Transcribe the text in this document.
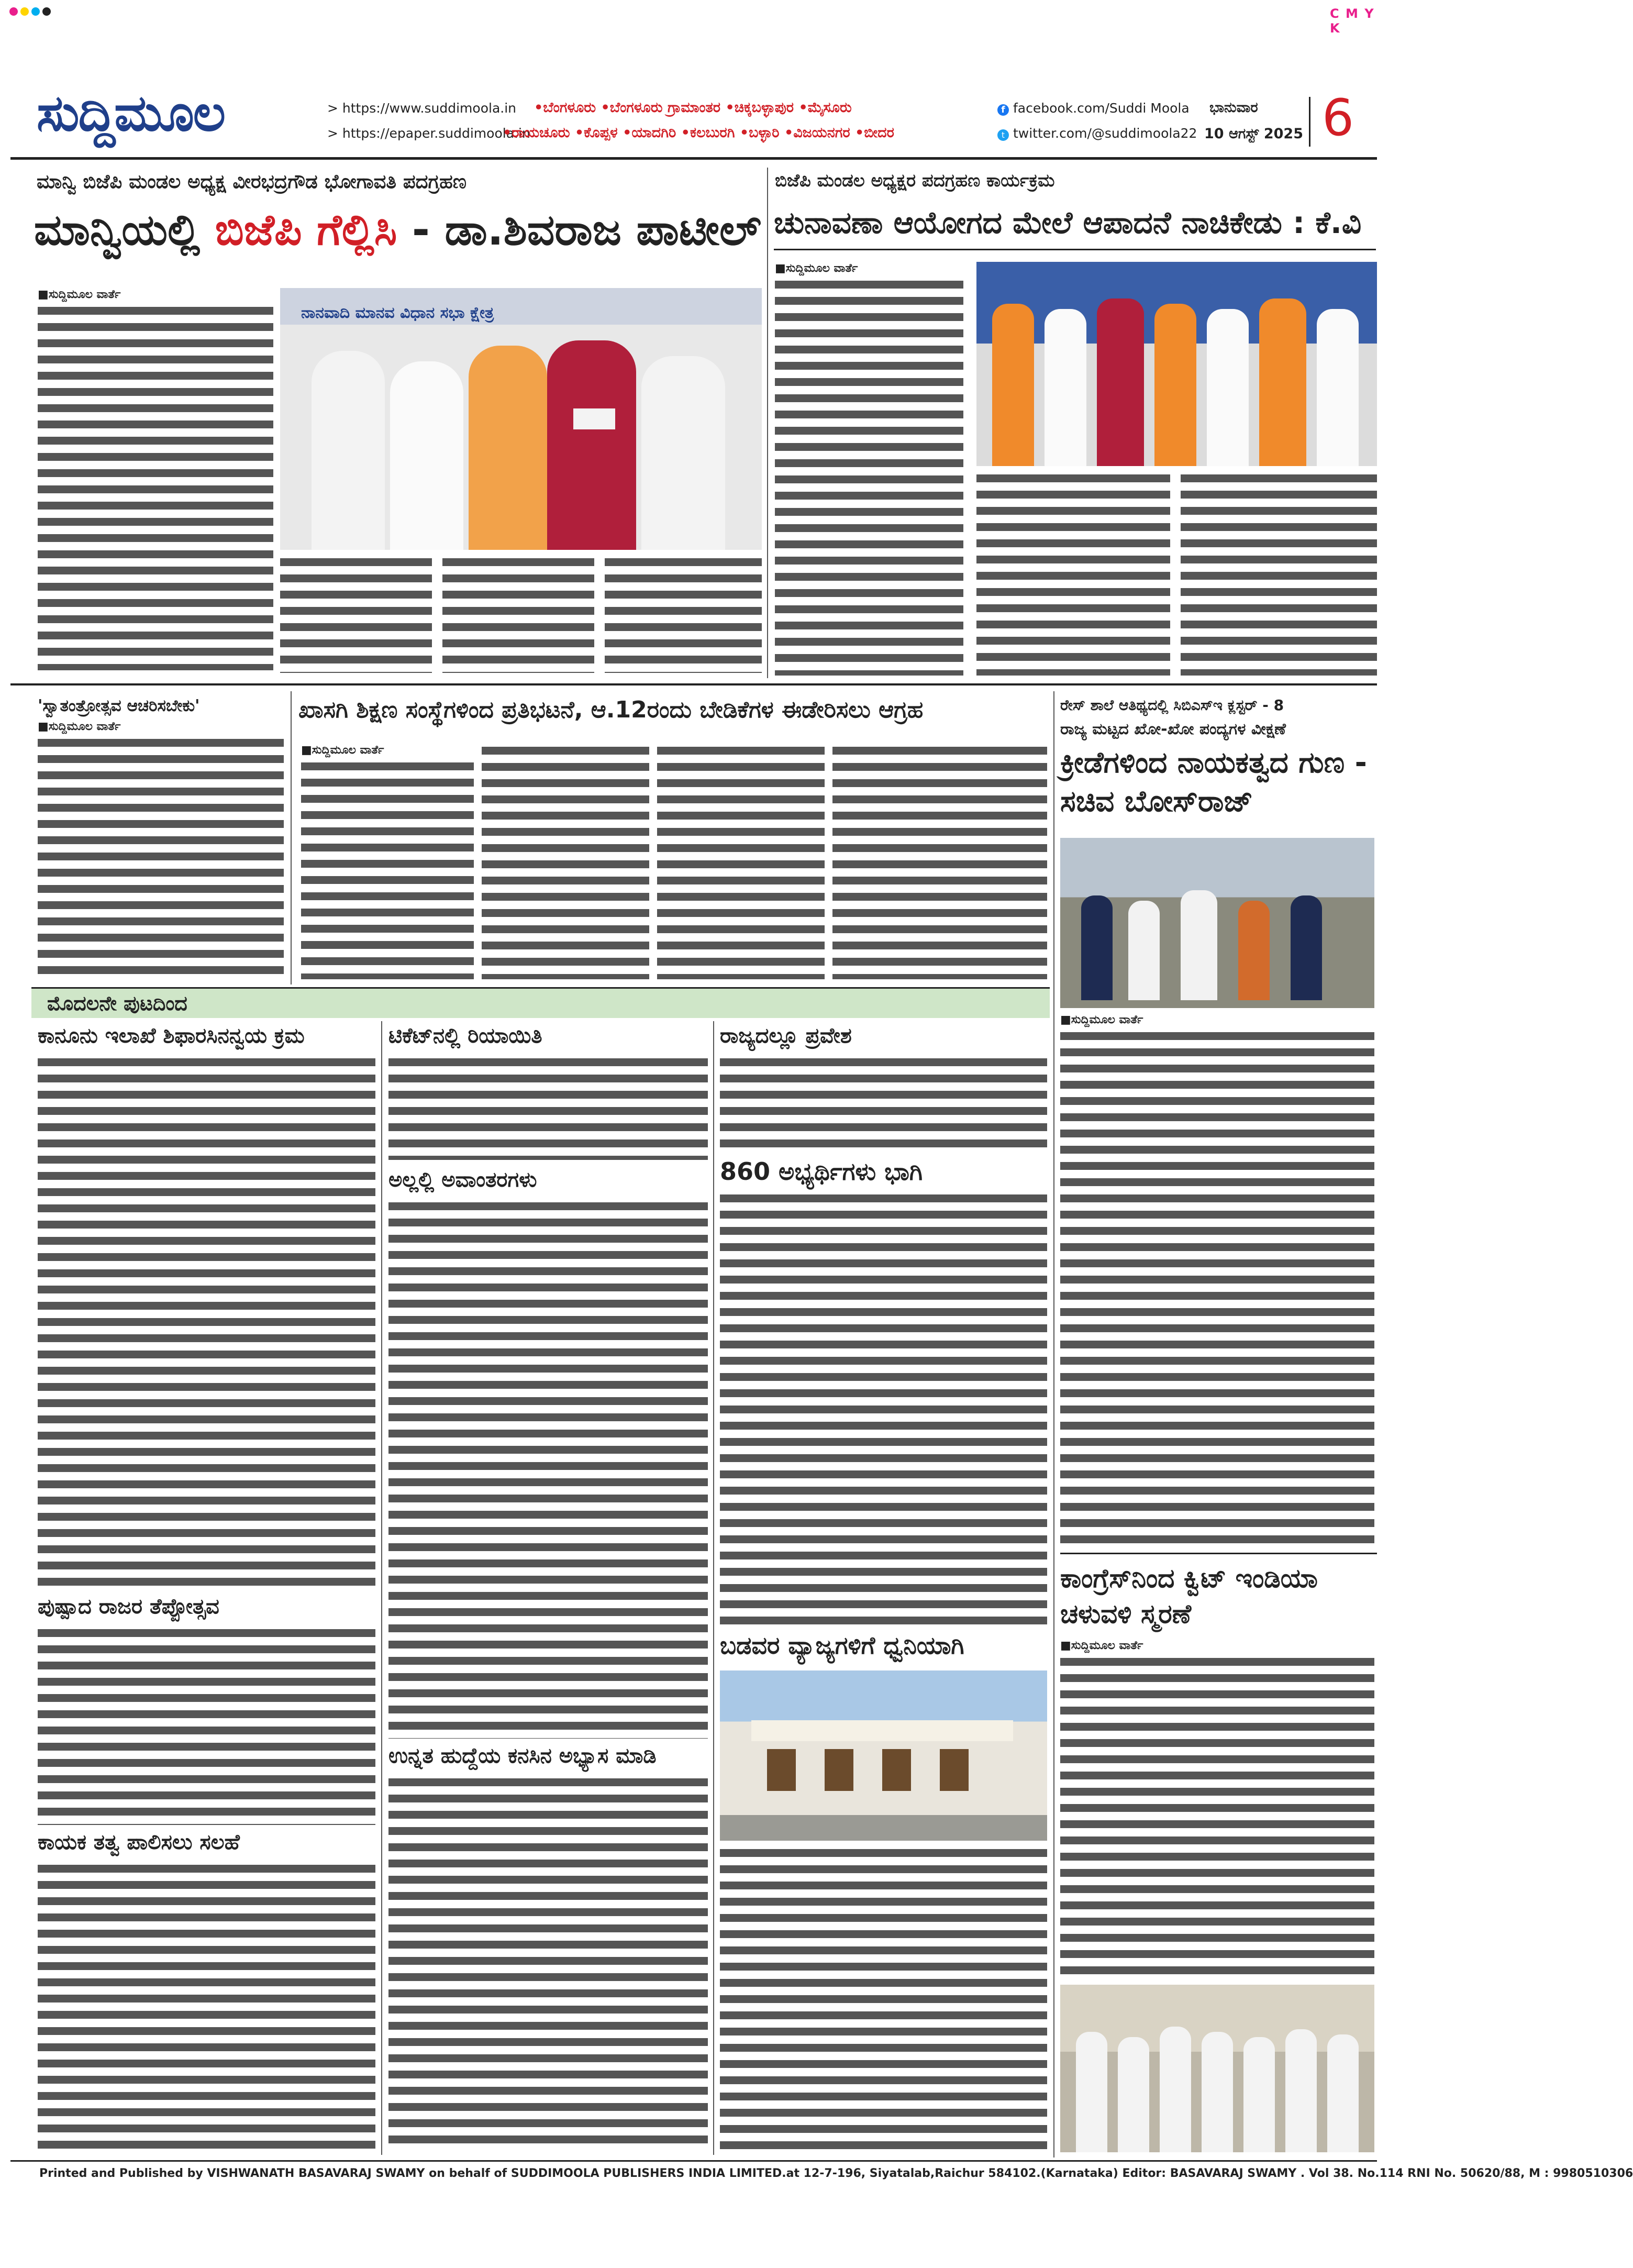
C M Y K
ಸುದ್ದಿಮೂಲ	> https://www.suddimoola.in
> https://epaper.suddimoola.in
•ಬೆಂಗಳೂರು •ಬೆಂಗಳೂರು ಗ್ರಾಮಾಂತರ •ಚಿಕ್ಕಬಳ್ಳಾಪುರ •ಮೈಸೂರು
•ರಾಯಚೂರು •ಕೊಪ್ಪಳ •ಯಾದಗಿರಿ •ಕಲಬುರಗಿ •ಬಳ್ಳಾರಿ •ವಿಜಯನಗರ •ಬೀದರ
f facebook.com/Suddi Moola
t twitter.com/@suddimoola22
ಭಾನುವಾರ
10 ಆಗಸ್ಟ್ 2025 6
ಮಾನ್ವಿ ಬಿಜೆಪಿ ಮಂಡಲ ಅಧ್ಯಕ್ಷ ವೀರಭದ್ರಗೌಡ ಭೋಗಾವತಿ ಪದಗ್ರಹಣ
ಮಾನ್ವಿಯಲ್ಲಿ ಬಿಜೆಪಿ ಗೆಲ್ಲಿಸಿ - ಡಾ.ಶಿವರಾಜ ಪಾಟೀಲ್
■ಸುದ್ದಿಮೂಲ ವಾರ್ತೆ
ನಾನವಾದಿ ಮಾನವ ವಿಧಾನ ಸಭಾ ಕ್ಷೇತ್ರ
ಬಿಜೆಪಿ ಮಂಡಲ ಅಧ್ಯಕ್ಷರ ಪದಗ್ರಹಣ ಕಾರ್ಯಕ್ರಮ
ಚುನಾವಣಾ ಆಯೋಗದ ಮೇಲೆ ಆಪಾದನೆ ನಾಚಿಕೇಡು : ಕೆ.ವಿ
■ಸುದ್ದಿಮೂಲ ವಾರ್ತೆ
'ಸ್ವಾತಂತ್ರೋತ್ಸವ ಆಚರಿಸಬೇಕು'
■ಸುದ್ದಿಮೂಲ ವಾರ್ತೆ
ಖಾಸಗಿ ಶಿಕ್ಷಣ ಸಂಸ್ಥೆಗಳಿಂದ ಪ್ರತಿಭಟನೆ, ಆ.12ರಂದು ಬೇಡಿಕೆಗಳ ಈಡೇರಿಸಲು ಆಗ್ರಹ
■ಸುದ್ದಿಮೂಲ ವಾರ್ತೆ
ರೇಸ್ ಶಾಲೆ ಆತಿಥ್ಯದಲ್ಲಿ ಸಿಬಿಎಸ್‌ಇ ಕ್ಲಸ್ಟರ್ - 8
ರಾಜ್ಯ ಮಟ್ಟದ ಖೋ-ಖೋ ಪಂದ್ಯಗಳ ವೀಕ್ಷಣೆ
ಕ್ರೀಡೆಗಳಿಂದ ನಾಯಕತ್ವದ ಗುಣ - ಸಚಿವ ಬೋಸ್‌ರಾಜ್
■ಸುದ್ದಿಮೂಲ ವಾರ್ತೆ
ಮೊದಲನೇ ಪುಟದಿಂದ
ಕಾನೂನು ಇಲಾಖೆ ಶಿಫಾರಸಿನನ್ವಯ ಕ್ರಮ
ಪುಷ್ಪಾದ ರಾಜರ ತೆಪ್ಪೋತ್ಸವ
ಕಾಯಕ ತತ್ವ ಪಾಲಿಸಲು ಸಲಹೆ
ಟಿಕೆಟ್‌ನಲ್ಲಿ ರಿಯಾಯಿತಿ
ಅಲ್ಲಲ್ಲಿ ಅವಾಂತರಗಳು
ಉನ್ನತ ಹುದ್ದೆಯ ಕನಸಿನ ಅಭ್ಯಾಸ ಮಾಡಿ
ರಾಜ್ಯದಲ್ಲೂ ಪ್ರವೇಶ
860 ಅಭ್ಯರ್ಥಿಗಳು ಭಾಗಿ
ಬಡವರ ವ್ಯಾಜ್ಯಗಳಿಗೆ ಧ್ವನಿಯಾಗಿ
ಕಾಂಗ್ರೆಸ್‌ನಿಂದ ಕ್ವಿಟ್ ಇಂಡಿಯಾ ಚಳುವಳಿ ಸ್ಮರಣೆ
■ಸುದ್ದಿಮೂಲ ವಾರ್ತೆ
Printed and Published by VISHWANATH BASAVARAJ SWAMY on behalf of SUDDIMOOLA PUBLISHERS INDIA LIMITED.at 12-7-196, Siyatalab,Raichur 584102.(Karnataka) Editor: BASAVARAJ SWAMY . Vol 38. No.114 RNI No. 50620/88, M : 9980510306
